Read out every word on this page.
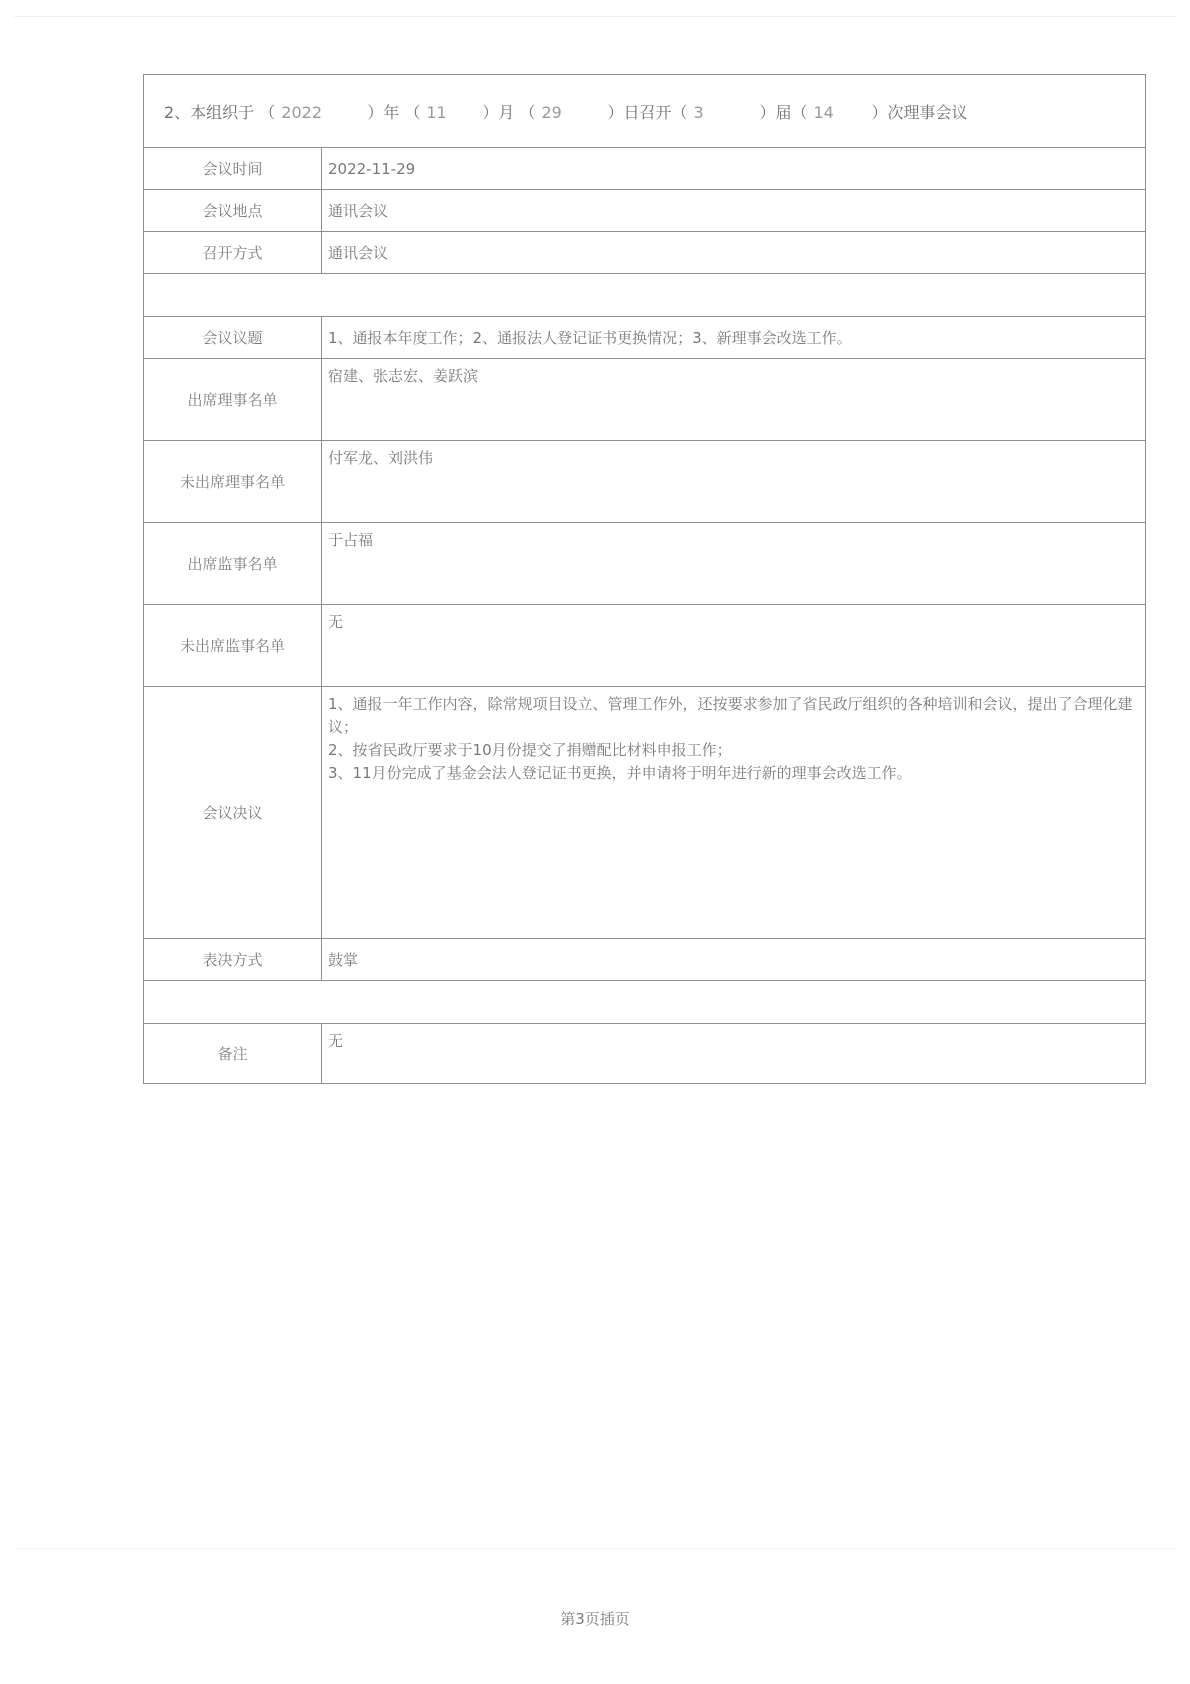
2、本组织于 （ 2022 ）年 （ 11 ）月 （ 29 ）日召开（ 3 ）届（ 14 ）次理事会议	
会议时间	2022-11-29
会议地点	通讯会议
召开方式	通讯会议

会议议题	1、通报本年度工作；2、通报法人登记证书更换情况；3、新理事会改选工作。
出席理事名单	宿建、张志宏、姜跃滨
未出席理事名单	付军龙、刘洪伟
出席监事名单	于占福
未出席监事名单	无
会议决议	1、通报一年工作内容，除常规项目设立、管理工作外，还按要求参加了省民政厅组织的各种培训和会议，提出了合理化建议；

2、按省民政厅要求于10月份提交了捐赠配比材料申报工作；

3、11月份完成了基金会法人登记证书更换，并申请将于明年进行新的理事会改选工作。

表决方式	鼓掌

备注	无
第3页插页
